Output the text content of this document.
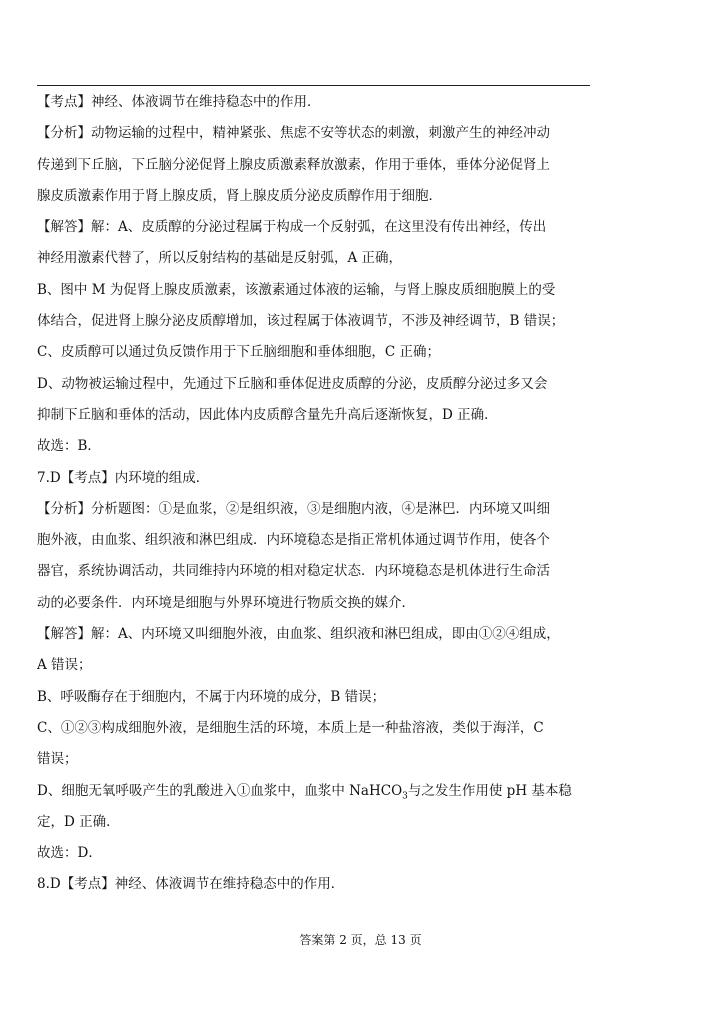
【考点】神经、体液调节在维持稳态中的作用．
【分析】动物运输的过程中，精神紧张、焦虑不安等状态的刺激，刺激产生的神经冲动
传递到下丘脑，下丘脑分泌促肾上腺皮质激素释放激素，作用于垂体，垂体分泌促肾上
腺皮质激素作用于肾上腺皮质，肾上腺皮质分泌皮质醇作用于细胞．
【解答】解：A、皮质醇的分泌过程属于构成一个反射弧，在这里没有传出神经，传出
神经用激素代替了，所以反射结构的基础是反射弧，A 正确，
B、图中 M 为促肾上腺皮质激素，该激素通过体液的运输，与肾上腺皮质细胞膜上的受
体结合，促进肾上腺分泌皮质醇增加，该过程属于体液调节，不涉及神经调节，B 错误；
C、皮质醇可以通过负反馈作用于下丘脑细胞和垂体细胞，C 正确；
D、动物被运输过程中，先通过下丘脑和垂体促进皮质醇的分泌，皮质醇分泌过多又会
抑制下丘脑和垂体的活动，因此体内皮质醇含量先升高后逐渐恢复，D 正确．
故选：B．
7.D【考点】内环境的组成．
【分析】分析题图：①是血浆，②是组织液，③是细胞内液，④是淋巴．内环境又叫细
胞外液，由血浆、组织液和淋巴组成．内环境稳态是指正常机体通过调节作用，使各个
器官，系统协调活动，共同维持内环境的相对稳定状态．内环境稳态是机体进行生命活
动的必要条件．内环境是细胞与外界环境进行物质交换的媒介．
【解答】解：A、内环境又叫细胞外液，由血浆、组织液和淋巴组成，即由①②④组成，
A 错误；
B、呼吸酶存在于细胞内，不属于内环境的成分，B 错误；
C、①②③构成细胞外液，是细胞生活的环境，本质上是一种盐溶液，类似于海洋，C
错误；
D、细胞无氧呼吸产生的乳酸进入①血浆中，血浆中 NaHCO$_3$与之发生作用使 pH 基本稳
定，D 正确．
故选：D．
8.D【考点】神经、体液调节在维持稳态中的作用．
答案第 2 页，总 13 页
